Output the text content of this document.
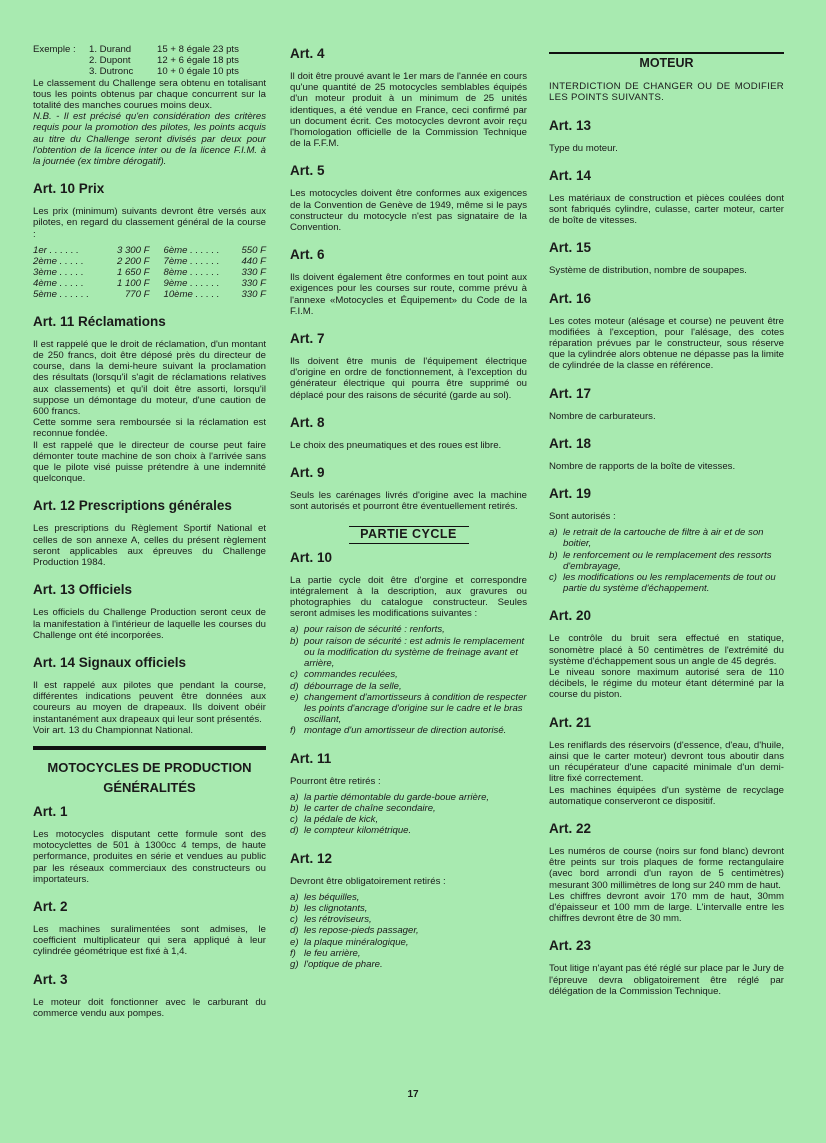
Exemple :	1. Durand	15 + 8 égale 23 pts
2. Dupont	12 + 6 égale 18 pts
3. Dutronc	10 + 0 égale 10 pts

Le classement du Challenge sera obtenu en totalisant tous les points obtenus par chaque concurrent sur la totalité des manches courues moins deux.

N.B. - Il est précisé qu'en considération des critères requis pour la promotion des pilotes, les points acquis au titre du Challenge seront divisés par deux pour l'obtention de la licence inter ou de la licence F.I.M. à la journée (ex timbre dérogatif).

Art. 10 Prix

Les prix (minimum) suivants devront être versés aux pilotes, en regard du classement général de la course :

1er . . . . . .	3 300 F	6ème . . . . . .	550 F
2ème . . . . .	2 200 F	7ème . . . . . .	440 F
3ème . . . . .	1 650 F	8ème . . . . . .	330 F
4ème . . . . .	1 100 F	9ème . . . . . .	330 F
5ème . . . . . .	770 F	10ème . . . . .	330 F
Art. 11 Réclamations

Il est rappelé que le droit de réclamation, d'un montant de 250 francs, doit être déposé près du directeur de course, dans la demi-heure suivant la proclamation des résultats (lorsqu'il s'agit de réclamations relatives aux classements) et qu'il doit être assorti, lorsqu'il suppose un démontage du moteur, d'une caution de 600 francs.

Cette somme sera remboursée si la réclamation est reconnue fondée.

Il est rappelé que le directeur de course peut faire démonter toute machine de son choix à l'arrivée sans que le pilote visé puisse prétendre à une indemnité quelconque.

Art. 12 Prescriptions générales

Les prescriptions du Règlement Sportif National et celles de son annexe A, celles du présent règlement seront applicables aux épreuves du Challenge Production 1984.

Art. 13 Officiels

Les officiels du Challenge Production seront ceux de la manifestation à l'intérieur de laquelle les courses du Challenge ont été incorporées.

Art. 14 Signaux officiels

Il est rappelé aux pilotes que pendant la course, différentes indications peuvent être données aux coureurs au moyen de drapeaux. Ils doivent obéir instantanément aux drapeaux qui leur sont présentés.

Voir art. 13 du Championnat National.

MOTOCYCLES DE PRODUCTION
GÉNÉRALITÉS
Art. 1

Les motocycles disputant cette formule sont des motocyclettes de 501 à 1300cc 4 temps, de haute performance, produites en série et vendues au public par les réseaux commerciaux des constructeurs ou importateurs.

Art. 2

Les machines suralimentées sont admises, le coefficient multiplicateur qui sera appliqué à leur cylindrée géométrique est fixé à 1,4.

Art. 3

Le moteur doit fonctionner avec le carburant du commerce vendu aux pompes.

Art. 4

Il doit être prouvé avant le 1er mars de l'année en cours qu'une quantité de 25 motocycles semblables équipés d'un moteur produit à un minimum de 25 unités identiques, a été vendue en France, ceci confirmé par un document écrit. Ces motocycles devront avoir reçu l'homologation officielle de la Commission Technique de la F.F.M.

Art. 5

Les motocycles doivent être conformes aux exigences de la Convention de Genève de 1949, même si le pays constructeur du motocycle n'est pas signataire de la Convention.

Art. 6

Ils doivent également être conformes en tout point aux exigences pour les courses sur route, comme prévu à l'annexe «Motocycles et Équipement» du Code de la F.I.M.

Art. 7

Ils doivent être munis de l'équipement électrique d'origine en ordre de fonctionnement, à l'exception du générateur électrique qui pourra être supprimé ou déplacé pour des raisons de sécurité (garde au sol).

Art. 8

Le choix des pneumatiques et des roues est libre.

Art. 9

Seuls les carénages livrés d'origine avec la machine sont autorisés et pourront être éventuellement retirés.

PARTIE CYCLE
Art. 10

La partie cycle doit être d'orgine et correspondre intégralement à la description, aux gravures ou photographies du catalogue constructeur. Seules seront admises les modifications suivantes :

a) pour raison de sécurité : renforts,
b) pour raison de sécurité : est admis le remplacement ou la modification du système de freinage avant et arrière,
c) commandes reculées,
d) débourrage de la selle,
e) changement d'amortisseurs à condition de respecter les points d'ancrage d'origine sur le cadre et le bras oscillant,
f) montage d'un amortisseur de direction autorisé.
Art. 11

Pourront être retirés :

a) la partie démontable du garde-boue arrière,
b) le carter de chaîne secondaire,
c) la pédale de kick,
d) le compteur kilométrique.
Art. 12

Devront être obligatoirement retirés :

a) les béquilles,
b) les clignotants,
c) les rétroviseurs,
d) les repose-pieds passager,
e) la plaque minéralogique,
f) le feu arrière,
g) l'optique de phare.
MOTEUR

INTERDICTION DE CHANGER OU DE MODIFIER LES POINTS SUIVANTS.

Art. 13

Type du moteur.

Art. 14

Les matériaux de construction et pièces coulées dont sont fabriqués cylindre, culasse, carter moteur, carter de boîte de vitesses.

Art. 15

Système de distribution, nombre de soupapes.

Art. 16

Les cotes moteur (alésage et course) ne peuvent être modifiées à l'exception, pour l'alésage, des cotes réparation prévues par le constructeur, sous réserve que la cylindrée alors obtenue ne dépasse pas la limite de cylindrée de la classe en référence.

Art. 17

Nombre de carburateurs.

Art. 18

Nombre de rapports de la boîte de vitesses.

Art. 19

Sont autorisés :

a) le retrait de la cartouche de filtre à air et de son boitier,
b) le renforcement ou le remplacement des ressorts d'embrayage,
c) les modifications ou les remplacements de tout ou partie du système d'échappement.
Art. 20

Le contrôle du bruit sera effectué en statique, sonomètre placé à 50 centimètres de l'extrémité du système d'échappement sous un angle de 45 degrés.

Le niveau sonore maximum autorisé sera de 110 décibels, le régime du moteur étant déterminé par la course du piston.

Art. 21

Les reniflards des réservoirs (d'essence, d'eau, d'huile, ainsi que le carter moteur) devront tous aboutir dans un récupérateur d'une capacité minimale d'un demi-litre fixé correctement.

Les machines équipées d'un système de recyclage automatique conserveront ce dispositif.

Art. 22

Les numéros de course (noirs sur fond blanc) devront être peints sur trois plaques de forme rectangulaire (avec bord arrondi d'un rayon de 5 centimètres) mesurant 300 millimètres de long sur 240 mm de haut.

Les chiffres devront avoir 170 mm de haut, 30mm d'épaisseur et 100 mm de large. L'intervalle entre les chiffres devront être de 30 mm.

Art. 23

Tout litige n'ayant pas été réglé sur place par le Jury de l'épreuve devra obligatoirement être réglé par délégation de la Commission Technique.

17
